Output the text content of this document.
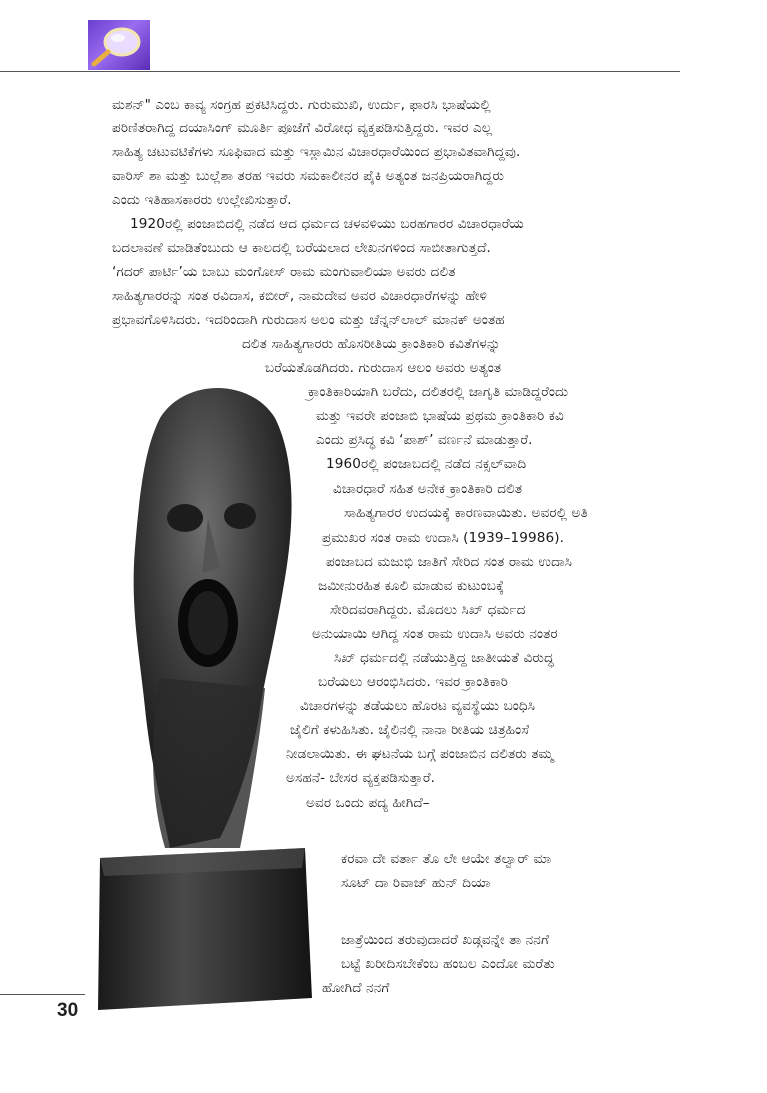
ಮಶನ್" ಎಂಬ ಕಾವ್ಯ ಸಂಗ್ರಹ ಪ್ರಕಟಿಸಿದ್ದರು. ಗುರುಮುಖಿ, ಉರ್ದು, ಫಾರಸಿ ಭಾಷೆಯಲ್ಲಿ
ಪರಿಣಿತರಾಗಿದ್ದ ದಯಾಸಿಂಗ್ ಮೂರ್ತಿ ಪೂಜೆಗೆ ವಿರೋಧ ವ್ಯಕ್ತಪಡಿಸುತ್ತಿದ್ದರು. ಇವರ ಎಲ್ಲ
ಸಾಹಿತ್ಯ ಚಟುವಟಿಕೆಗಳು ಸೂಫಿವಾದ ಮತ್ತು ಇಸ್ಲಾಮಿನ ವಿಚಾರಧಾರೆಯಿಂದ ಪ್ರಭಾವಿತವಾಗಿದ್ದವು.
ವಾರಿಸ್ ಶಾ ಮತ್ತು ಬುಲ್ಲೆಶಾ ತರಹ ಇವರು ಸಮಕಾಲೀನರ ಪೈಕಿ ಅತ್ಯಂತ ಜನಪ್ರಿಯರಾಗಿದ್ದರು
ಎಂದು ಇತಿಹಾಸಕಾರರು ಉಲ್ಲೇಖಿಸುತ್ತಾರೆ.
1920ರಲ್ಲಿ ಪಂಜಾಬಿದಲ್ಲಿ ನಡೆದ ಆದ ಧರ್ಮದ ಚಳವಳಿಯು ಬರಹಗಾರರ ವಿಚಾರಧಾರೆಯ
ಬದಲಾವಣೆ ಮಾಡಿತೆಂಬುದು ಆ ಕಾಲದಲ್ಲಿ ಬರೆಯಲಾದ ಲೇಖನಗಳಿಂದ ಸಾಬೀತಾಗುತ್ತದೆ.
‘ಗದರ್ ಪಾರ್ಟಿ’ಯ ಬಾಬು ಮಂಗೋಸ್ ರಾಮ ಮಂಗುವಾಲಿಯಾ ಅವರು ದಲಿತ
ಸಾಹಿತ್ಯಗಾರರನ್ನು ಸಂತ ರವಿದಾಸ, ಕಬೀರ್, ನಾಮದೇವ ಅವರ ವಿಚಾರಧಾರೆಗಳನ್ನು ಹೇಳಿ
ಪ್ರಭಾವಗೊಳಿಸಿದರು. ಇದರಿಂದಾಗಿ ಗುರುದಾಸ ಅಲಂ ಮತ್ತು ಚೆನ್ನನ್‌ಲಾಲ್ ಮಾನಕ್ ಅಂತಹ
ದಲಿತ ಸಾಹಿತ್ಯಗಾರರು ಹೊಸರೀತಿಯ ಕ್ರಾಂತಿಕಾರಿ ಕವಿತೆಗಳನ್ನು
ಬರೆಯತೊಡಗಿದರು. ಗುರುದಾಸ ಆಲಂ ಅವರು ಅತ್ಯಂತ
ಕ್ರಾಂತಿಕಾರಿಯಾಗಿ ಬರೆದು, ದಲಿತರಲ್ಲಿ ಜಾಗೃತಿ ಮಾಡಿದ್ದರೆಂದು
ಮತ್ತು ಇವರೇ ಪಂಜಾಬಿ ಭಾಷೆಯ ಪ್ರಥಮ ಕ್ರಾಂತಿಕಾರಿ ಕವಿ
ಎಂದು ಪ್ರಸಿದ್ಧ ಕವಿ ‘ಪಾಶ್’ ವರ್ಣನೆ ಮಾಡುತ್ತಾರೆ.
1960ರಲ್ಲಿ ಪಂಜಾಬದಲ್ಲಿ ನಡೆದ ನಕ್ಸಲ್‌ವಾದಿ
ವಿಚಾರಧಾರೆ ಸಹಿತ ಅನೇಕ ಕ್ರಾಂತಿಕಾರಿ ದಲಿತ
ಸಾಹಿತ್ಯಗಾರರ ಉದಯಕ್ಕೆ ಕಾರಣವಾಯಿತು. ಅವರಲ್ಲಿ ಅತಿ
ಪ್ರಮುಖರ ಸಂತ ರಾಮ ಉದಾಸಿ (1939–19986).
ಪಂಜಾಬದ ಮಜುಭಿ ಜಾತಿಗೆ ಸೇರಿದ ಸಂತ ರಾಮ ಉದಾಸಿ
ಜಮೀನುರಹಿತ ಕೂಲಿ ಮಾಡುವ ಕುಟುಂಬಕ್ಕೆ
ಸೇರಿದವರಾಗಿದ್ದರು. ಮೊದಲು ಸಿಖ್ ಧರ್ಮದ
ಅನುಯಾಯಿ ಆಗಿದ್ದ ಸಂತ ರಾಮ ಉದಾಸಿ ಅವರು ನಂತರ
ಸಿಖ್ ಧರ್ಮದಲ್ಲಿ ನಡೆಯುತ್ತಿದ್ದ ಜಾತೀಯತೆ ವಿರುದ್ಧ
ಬರೆಯಲು ಆರಂಭಿಸಿದರು. ಇವರ ಕ್ರಾಂತಿಕಾರಿ
ವಿಚಾರಗಳನ್ನು ತಡೆಯಲು ಹೊರಟ ವ್ಯವಸ್ಥೆಯು ಬಂಧಿಸಿ
ಜೈಲಿಗೆ ಕಳುಹಿಸಿತು. ಜೈಲಿನಲ್ಲಿ ನಾನಾ ರೀತಿಯ ಚಿತ್ರಹಿಂಸೆ
ನೀಡಲಾಯಿತು. ಈ ಘಟನೆಯ ಬಗ್ಗೆ ಪಂಜಾಬಿನ ದಲಿತರು ತಮ್ಮ
ಅಸಹನೆ- ಬೇಸರ ವ್ಯಕ್ತಪಡಿಸುತ್ತಾರೆ.
ಅವರ ಒಂದು ಪದ್ಯ ಹೀಗಿದೆ–
ಕರವಾ ದೇ ವರ್ತಾ ತೊ ಲೇ ಆಯೇ ತಲ್ವಾರ್ ಮಾ
ಸೂಟ್ ದಾ ರಿವಾಜ್ ಹುನ್ ದಿಯಾ
ಜಾತ್ರೆಯಿಂದ ತರುವುದಾದರೆ ಖಡ್ಗವನ್ನೇ ತಾ ನನಗೆ
ಬಟ್ಟೆ ಖರೀದಿಸಬೇಕೆಂಬ ಹಂಬಲ ಎಂದೋ ಮರೆತು
ಹೋಗಿದೆ ನನಗೆ
30
